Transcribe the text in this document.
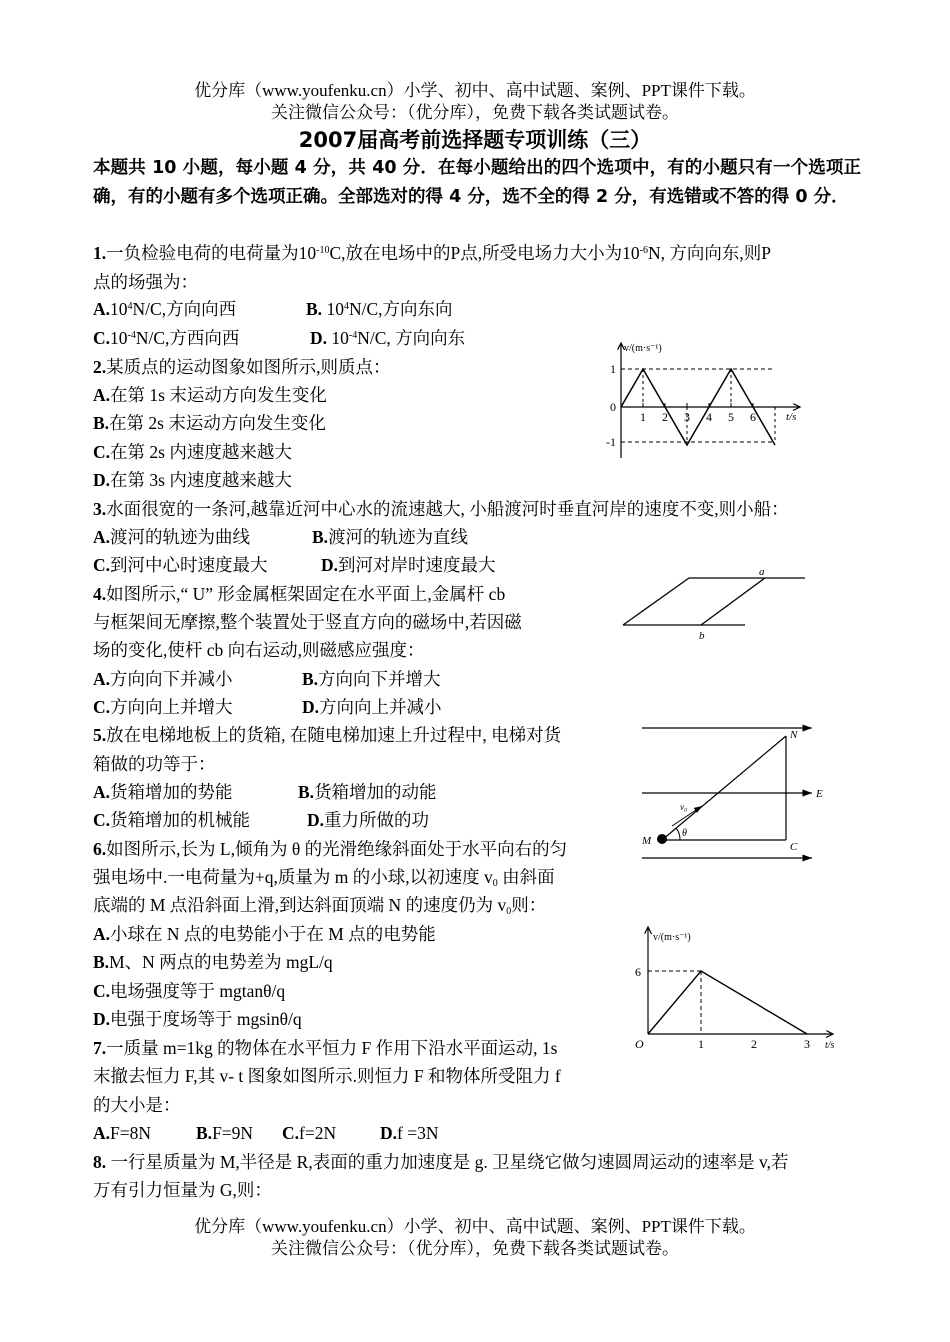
优分库（www.youfenku.cn）小学、初中、高中试题、案例、PPT课件下载。
关注微信公众号：（优分库），免费下载各类试题试卷。
2007届高考前选择题专项训练（三）
本题共 10 小题，每小题 4 分，共 40 分．在每小题给出的四个选项中，有的小题只有一个选项正确，有的小题有多个选项正确。全部选对的得 4 分，选不全的得 2 分，有选错或不答的得 0 分．
1.一负检验电荷的电荷量为$10^{-10}C$,放在电场中的P点,所受电场力大小为$10^{-6}N$, 方向向东,则P
点的场强为：
$A.10^4N/C$,方向向西	B. $10^4N/C$,方向东向
$C.10^{-4}N/C$,方西向西	D. $10^{-4}N/C$, 方向向东
2.某质点的运动图象如图所示,则质点：
A.在第 1s 末运动方向发生变化
B.在第 2s 末运动方向发生变化
C.在第 2s 内速度越来越大
D.在第 3s 内速度越来越大
v/(m·s⁻¹)
t/s
1
0
-1
1 2 3 4 5 6
3.水面很宽的一条河,越靠近河中心水的流速越大, 小船渡河时垂直河岸的速度不变,则小船：
A.渡河的轨迹为曲线	B.渡河的轨迹为直线
C.到河中心时速度最大	D.到河对岸时速度最大
4.如图所示,“ U” 形金属框架固定在水平面上,金属杆 cb
与框架间无摩擦,整个装置处于竖直方向的磁场中,若因磁
场的变化,使杆 cb 向右运动,则磁感应强度：
A.方向向下并减小	B.方向向下并增大
C.方向向上并增大	D.方向向上并减小
a
b
5.放在电梯地板上的货箱, 在随电梯加速上升过程中, 电梯对货
箱做的功等于：
A.货箱增加的势能	B.货箱增加的动能
C.货箱增加的机械能	D.重力所做的功
N
E
M	C
θ
v₀
6.如图所示,长为 L,倾角为 θ 的光滑绝缘斜面处于水平向右的匀
强电场中.一电荷量为+q,质量为 m 的小球,以初速度 $v_0$ 由斜面
底端的 M 点沿斜面上滑,到达斜面顶端 N 的速度仍为 $v_0$则：
A.小球在 N 点的电势能小于在 M 点的电势能
B.M、N 两点的电势差为 mgL/q
C.电场强度等于 mgtanθ/q
D.电强于度场等于 mgsinθ/q
v/(m·s⁻¹)
t/s
6
O	1	2	3
7.一质量 m=1kg 的物体在水平恒力 F 作用下沿水平面运动, 1s
末撤去恒力 F,其 v- t 图象如图所示.则恒力 F 和物体所受阻力 f
的大小是：
A.F=8N	B.F=9N C.f=2N	D.f =3N
8. 一行星质量为 M,半径是 R,表面的重力加速度是 g. 卫星绕它做匀速圆周运动的速率是 v,若
万有引力恒量为 G,则：
优分库（www.youfenku.cn）小学、初中、高中试题、案例、PPT课件下载。
关注微信公众号：（优分库），免费下载各类试题试卷。
